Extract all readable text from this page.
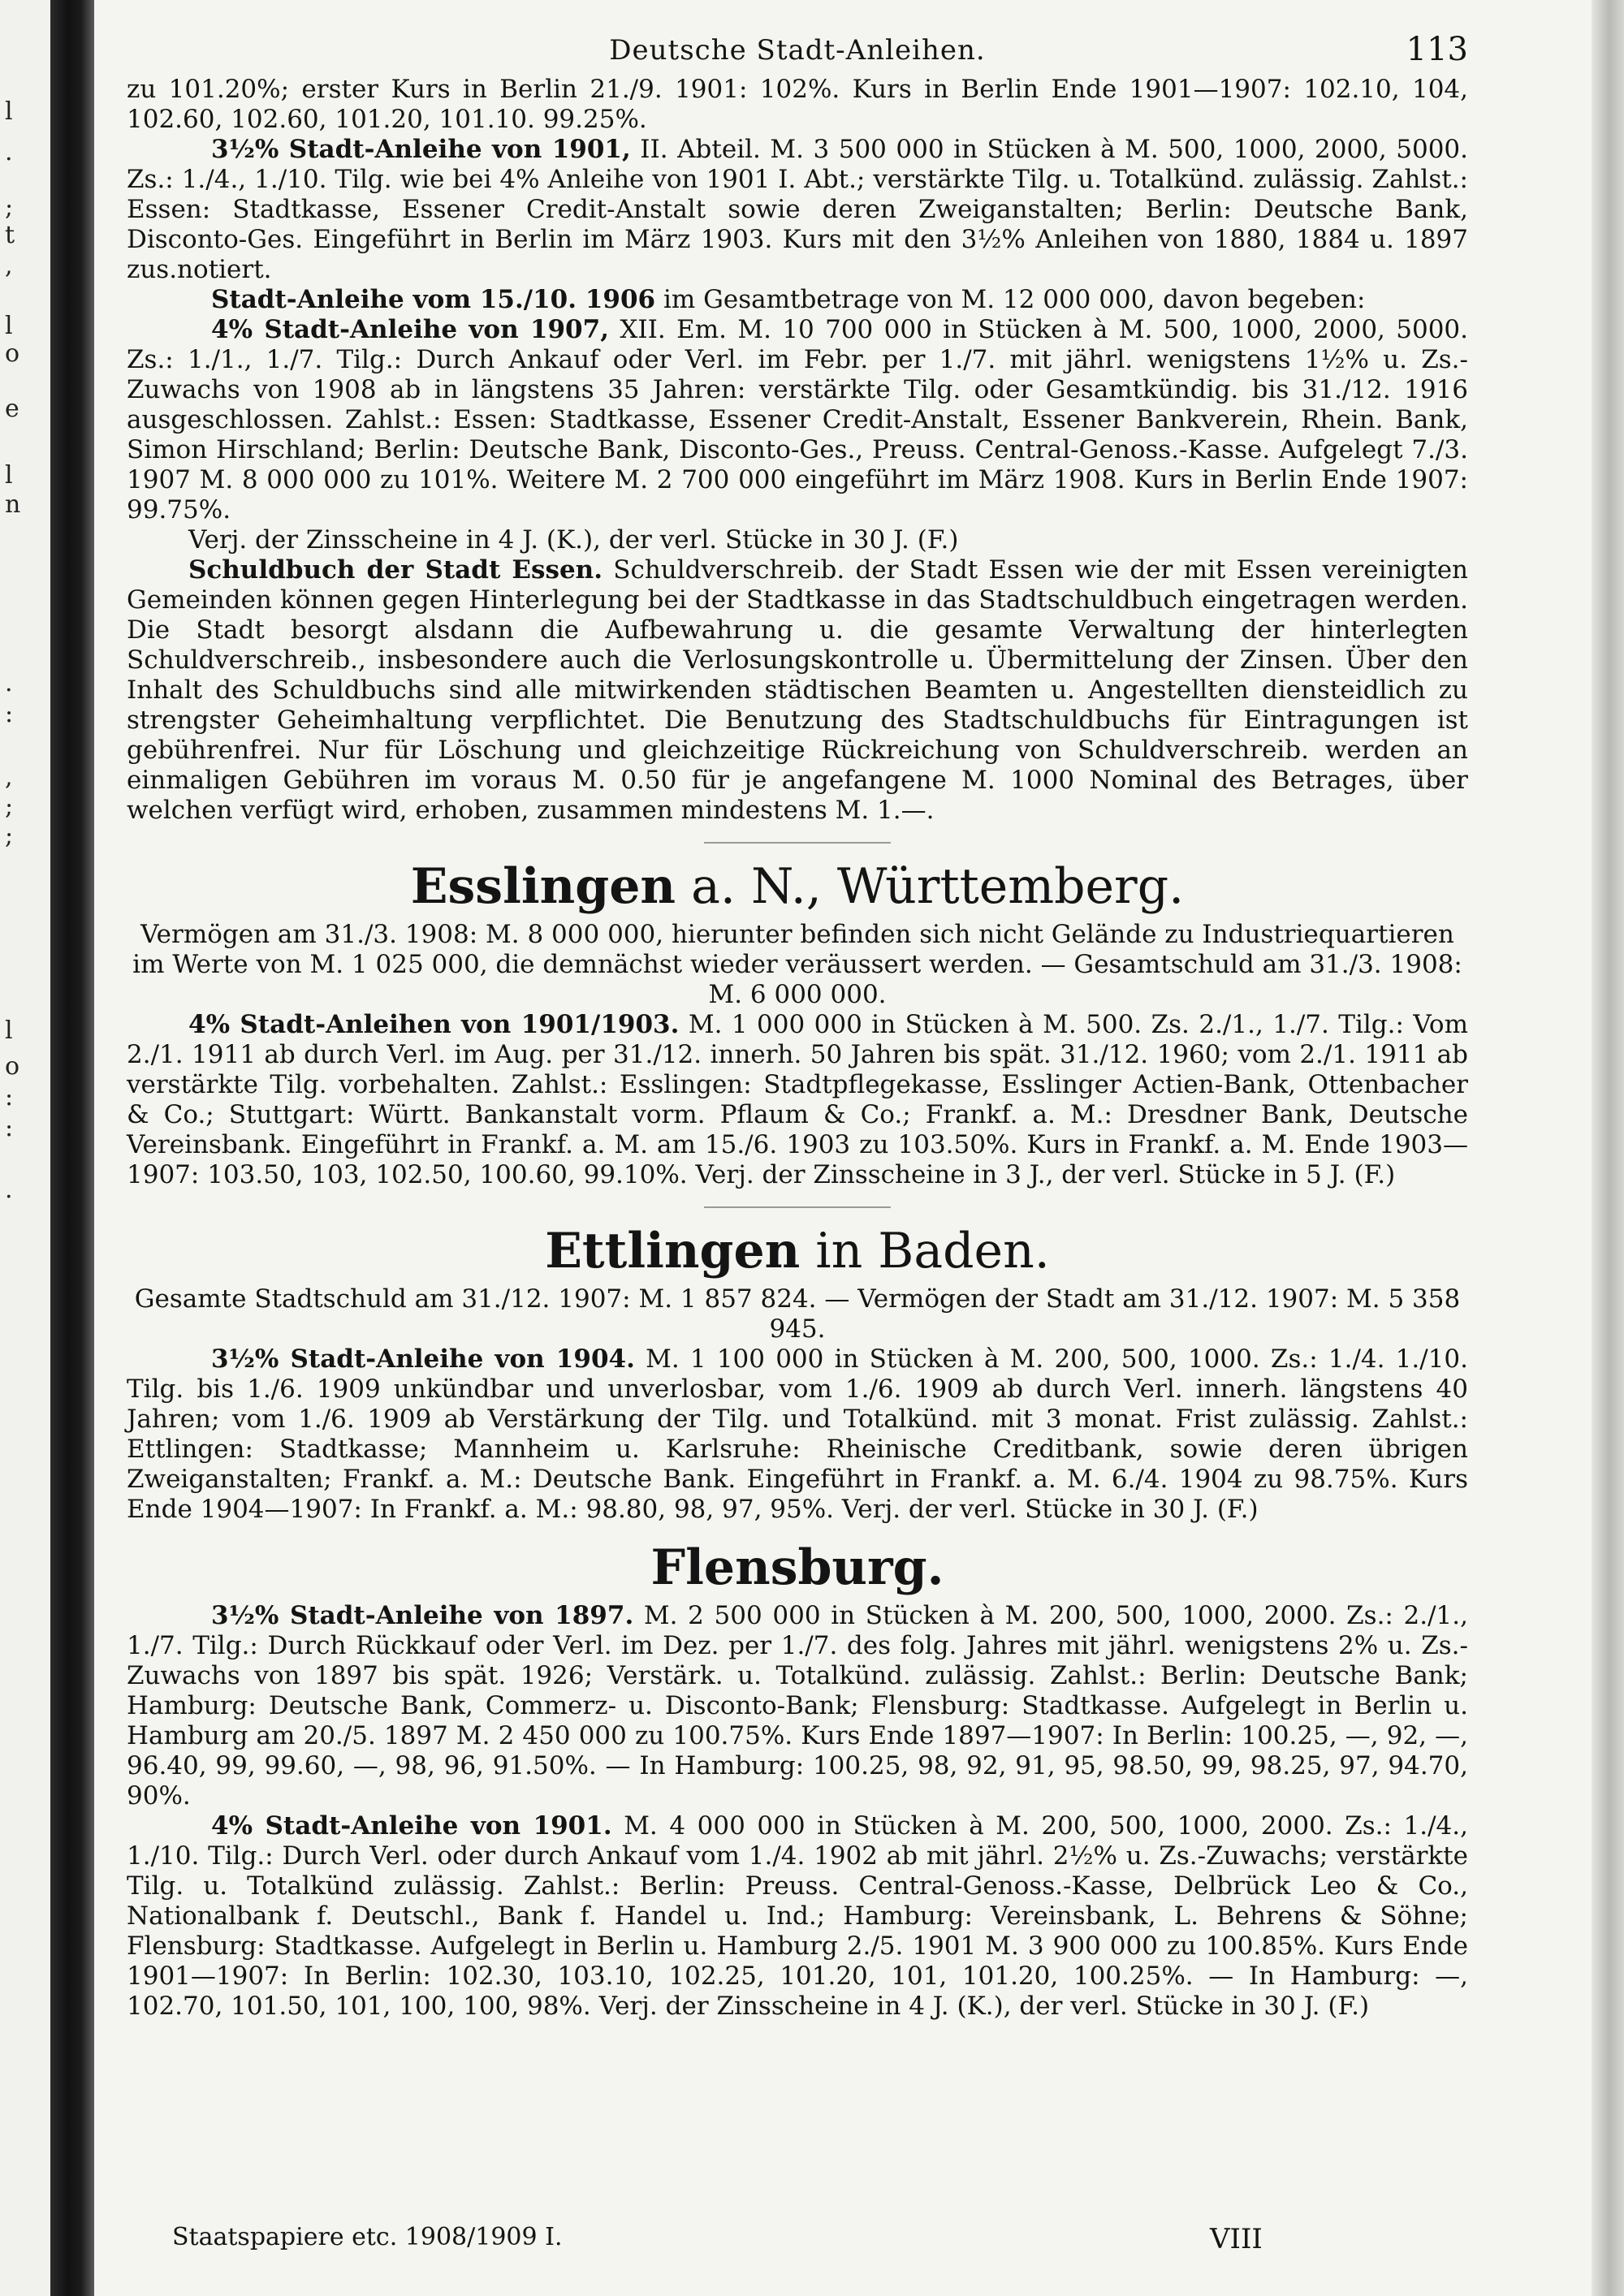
l
.
;
t
,
l
o
e
l
n
.
:
,
;
;
l
o
:
:
.
Deutsche Stadt-Anleihen.	113

zu 101.20%; erster Kurs in Berlin 21./9. 1901: 102%. Kurs in Berlin Ende 1901—1907: 102.10, 104, 102.60, 102.60, 101.20, 101.10. 99.25%.

3½% Stadt-Anleihe von 1901, II. Abteil. M. 3 500 000 in Stücken à M. 500, 1000, 2000, 5000. Zs.: 1./4., 1./10. Tilg. wie bei 4% Anleihe von 1901 I. Abt.; verstärkte Tilg. u. Totalkünd. zulässig. Zahlst.: Essen: Stadtkasse, Essener Credit-Anstalt sowie deren Zweiganstalten; Berlin: Deutsche Bank, Disconto-Ges. Eingeführt in Berlin im März 1903. Kurs mit den 3½% Anleihen von 1880, 1884 u. 1897 zus.notiert.

Stadt-Anleihe vom 15./10. 1906 im Gesamtbetrage von M. 12 000 000, davon begeben:

4% Stadt-Anleihe von 1907, XII. Em. M. 10 700 000 in Stücken à M. 500, 1000, 2000, 5000. Zs.: 1./1., 1./7. Tilg.: Durch Ankauf oder Verl. im Febr. per 1./7. mit jährl. wenigstens 1½% u. Zs.-Zuwachs von 1908 ab in längstens 35 Jahren: verstärkte Tilg. oder Gesamtkündig. bis 31./12. 1916 ausgeschlossen. Zahlst.: Essen: Stadtkasse, Essener Credit-Anstalt, Essener Bankverein, Rhein. Bank, Simon Hirschland; Berlin: Deutsche Bank, Disconto-Ges., Preuss. Central-Genoss.-Kasse. Aufgelegt 7./3. 1907 M. 8 000 000 zu 101%. Weitere M. 2 700 000 eingeführt im März 1908. Kurs in Berlin Ende 1907: 99.75%.

Verj. der Zinsscheine in 4 J. (K.), der verl. Stücke in 30 J. (F.)

Schuldbuch der Stadt Essen. Schuldverschreib. der Stadt Essen wie der mit Essen vereinigten Gemeinden können gegen Hinterlegung bei der Stadtkasse in das Stadtschuldbuch eingetragen werden. Die Stadt besorgt alsdann die Aufbewahrung u. die gesamte Verwaltung der hinterlegten Schuldverschreib., insbesondere auch die Verlosungskontrolle u. Übermittelung der Zinsen. Über den Inhalt des Schuldbuchs sind alle mitwirkenden städtischen Beamten u. Angestellten diensteidlich zu strengster Geheimhaltung verpflichtet. Die Benutzung des Stadtschuldbuchs für Eintragungen ist gebührenfrei. Nur für Löschung und gleichzeitige Rückreichung von Schuldverschreib. werden an einmaligen Gebühren im voraus M. 0.50 für je angefangene M. 1000 Nominal des Betrages, über welchen verfügt wird, erhoben, zusammen mindestens M. 1.—.

Esslingen a. N., Württemberg.

Vermögen am 31./3. 1908: M. 8 000 000, hierunter befinden sich nicht Gelände zu Industriequartieren im Werte von M. 1 025 000, die demnächst wieder veräussert werden. — Gesamtschuld am 31./3. 1908: M. 6 000 000.

4% Stadt-Anleihen von 1901/1903. M. 1 000 000 in Stücken à M. 500. Zs. 2./1., 1./7. Tilg.: Vom 2./1. 1911 ab durch Verl. im Aug. per 31./12. innerh. 50 Jahren bis spät. 31./12. 1960; vom 2./1. 1911 ab verstärkte Tilg. vorbehalten. Zahlst.: Esslingen: Stadtpflegekasse, Esslinger Actien-Bank, Ottenbacher & Co.; Stuttgart: Württ. Bankanstalt vorm. Pflaum & Co.; Frankf. a. M.: Dresdner Bank, Deutsche Vereinsbank. Eingeführt in Frankf. a. M. am 15./6. 1903 zu 103.50%. Kurs in Frankf. a. M. Ende 1903—1907: 103.50, 103, 102.50, 100.60, 99.10%. Verj. der Zinsscheine in 3 J., der verl. Stücke in 5 J. (F.)

Ettlingen in Baden.

Gesamte Stadtschuld am 31./12. 1907: M. 1 857 824. — Vermögen der Stadt am 31./12. 1907: M. 5 358 945.

3½% Stadt-Anleihe von 1904. M. 1 100 000 in Stücken à M. 200, 500, 1000. Zs.: 1./4. 1./10. Tilg. bis 1./6. 1909 unkündbar und unverlosbar, vom 1./6. 1909 ab durch Verl. innerh. längstens 40 Jahren; vom 1./6. 1909 ab Verstärkung der Tilg. und Totalkünd. mit 3 monat. Frist zulässig. Zahlst.: Ettlingen: Stadtkasse; Mannheim u. Karlsruhe: Rheinische Creditbank, sowie deren übrigen Zweiganstalten; Frankf. a. M.: Deutsche Bank. Eingeführt in Frankf. a. M. 6./4. 1904 zu 98.75%. Kurs Ende 1904—1907: In Frankf. a. M.: 98.80, 98, 97, 95%. Verj. der verl. Stücke in 30 J. (F.)

Flensburg.

3½% Stadt-Anleihe von 1897. M. 2 500 000 in Stücken à M. 200, 500, 1000, 2000. Zs.: 2./1., 1./7. Tilg.: Durch Rückkauf oder Verl. im Dez. per 1./7. des folg. Jahres mit jährl. wenigstens 2% u. Zs.-Zuwachs von 1897 bis spät. 1926; Verstärk. u. Totalkünd. zulässig. Zahlst.: Berlin: Deutsche Bank; Hamburg: Deutsche Bank, Commerz- u. Disconto-Bank; Flensburg: Stadtkasse. Aufgelegt in Berlin u. Hamburg am 20./5. 1897 M. 2 450 000 zu 100.75%. Kurs Ende 1897—1907: In Berlin: 100.25, —, 92, —, 96.40, 99, 99.60, —, 98, 96, 91.50%. — In Hamburg: 100.25, 98, 92, 91, 95, 98.50, 99, 98.25, 97, 94.70, 90%.

4% Stadt-Anleihe von 1901. M. 4 000 000 in Stücken à M. 200, 500, 1000, 2000. Zs.: 1./4., 1./10. Tilg.: Durch Verl. oder durch Ankauf vom 1./4. 1902 ab mit jährl. 2½% u. Zs.-Zuwachs; verstärkte Tilg. u. Totalkünd zulässig. Zahlst.: Berlin: Preuss. Central-Genoss.-Kasse, Delbrück Leo & Co., Nationalbank f. Deutschl., Bank f. Handel u. Ind.; Hamburg: Vereinsbank, L. Behrens & Söhne; Flensburg: Stadtkasse. Aufgelegt in Berlin u. Hamburg 2./5. 1901 M. 3 900 000 zu 100.85%. Kurs Ende 1901—1907: In Berlin: 102.30, 103.10, 102.25, 101.20, 101, 101.20, 100.25%. — In Hamburg: —, 102.70, 101.50, 101, 100, 100, 98%. Verj. der Zinsscheine in 4 J. (K.), der verl. Stücke in 30 J. (F.)

Staatspapiere etc. 1908/1909 I.	VIII
